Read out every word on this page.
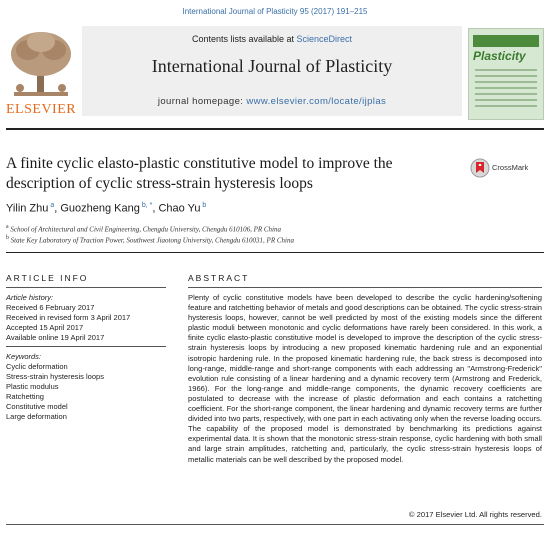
International Journal of Plasticity 95 (2017) 191–215
ELSEVIER
Contents lists available at ScienceDirect
International Journal of Plasticity
journal homepage: www.elsevier.com/locate/ijplas
Plasticity
A finite cyclic elasto-plastic constitutive model to improve the description of cyclic stress-strain hysteresis loops
CrossMark
Yilin Zhu $^a$, Guozheng Kang $^{b, *}$, Chao Yu $^b$
$^a$ School of Architectural and Civil Engineering, Chengdu University, Chengdu 610106, PR China
$^b$ State Key Laboratory of Traction Power, Southwest Jiaotong University, Chengdu 610031, PR China
ARTICLE INFO
Article history:
Received 6 February 2017
Received in revised form 3 April 2017
Accepted 15 April 2017
Available online 19 April 2017
Keywords:
Cyclic deformation
Stress-strain hysteresis loops
Plastic modulus
Ratchetting
Constitutive model
Large deformation
ABSTRACT
Plenty of cyclic constitutive models have been developed to describe the cyclic hardening/softening feature and ratchetting behavior of metals and good descriptions can be obtained. The cyclic stress-strain hysteresis loops, however, cannot be well predicted by most of the existing models since the different plastic moduli between monotonic and cyclic deformations have rarely been considered. In this work, a finite cyclic elasto-plastic constitutive model is developed to improve the description of the cyclic stress-strain hysteresis loops by introducing a new proposed kinematic hardening rule and an exponential isotropic hardening rule. In the proposed kinematic hardening rule, the back stress is decomposed into long-range, middle-range and short-range components with each addressing an "Armstrong-Frederick" evolution rule consisting of a linear hardening and a dynamic recovery term (Armstrong and Frederick, 1966). For the long-range and middle-range components, the dynamic recovery coefficients are postulated to decrease with the increase of plastic deformation and each contains a ratchetting coefficient. For the short-range component, the linear hardening and dynamic recovery terms are further divided into two parts, respectively, with one part in each activating only when the reverse loading occurs. The capability of the proposed model is demonstrated by benchmarking its predictions against experimental data. It is shown that the monotonic stress-strain response, cyclic hardening with both small and large strain amplitudes, ratchetting and, particularly, the cyclic stress-strain hysteresis loops of metallic materials can be well described by the proposed model.
© 2017 Elsevier Ltd. All rights reserved.
